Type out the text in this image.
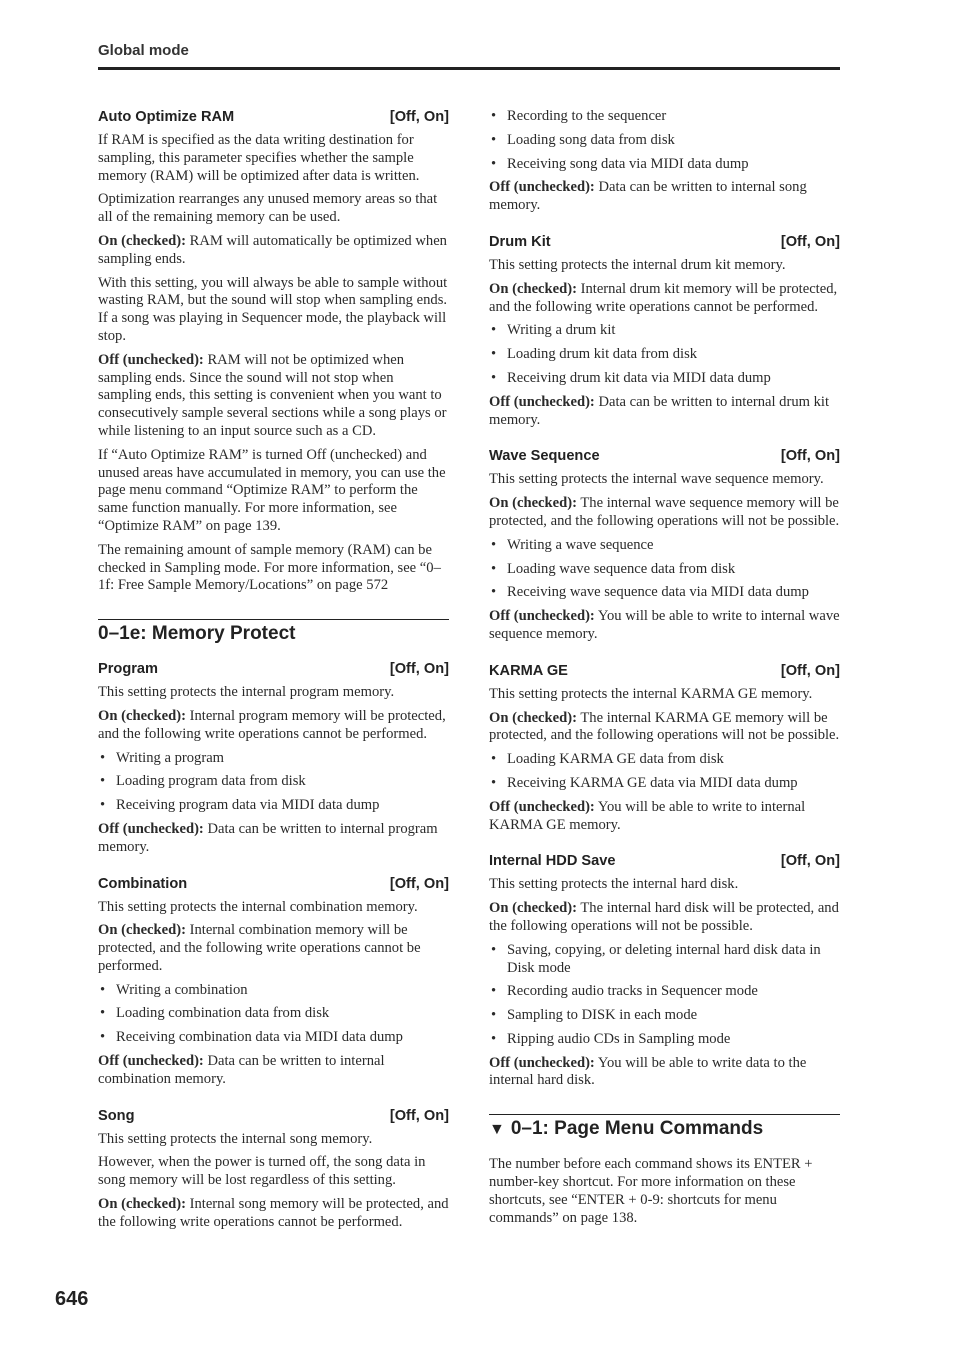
Global mode
Auto Optimize RAM	[Off, On]

If RAM is specified as the data writing destination for sampling, this parameter specifies whether the sample memory (RAM) will be optimized after data is written.

Optimization rearranges any unused memory areas so that all of the remaining memory can be used.

On (checked): RAM will automatically be optimized when sampling ends.

With this setting, you will always be able to sample without wasting RAM, but the sound will stop when sampling ends. If a song was playing in Sequencer mode, the playback will stop.

Off (unchecked): RAM will not be optimized when sampling ends. Since the sound will not stop when sampling ends, this setting is convenient when you want to consecutively sample several sections while a song plays or while listening to an input source such as a CD.

If “Auto Optimize RAM” is turned Off (unchecked) and unused areas have accumulated in memory, you can use the page menu command “Optimize RAM” to perform the same function manually. For more information, see “Optimize RAM” on page 139.

The remaining amount of sample memory (RAM) can be checked in Sampling mode. For more information, see “0–1f: Free Sample Memory/Locations” on page 572

0–1e: Memory Protect
Program	[Off, On]

This setting protects the internal program memory.

On (checked): Internal program memory will be protected, and the following write operations cannot be performed.

• Writing a program
• Loading program data from disk
• Receiving program data via MIDI data dump

Off (unchecked): Data can be written to internal program memory.

Combination	[Off, On]

This setting protects the internal combination memory.

On (checked): Internal combination memory will be protected, and the following write operations cannot be performed.

• Writing a combination
• Loading combination data from disk
• Receiving combination data via MIDI data dump

Off (unchecked): Data can be written to internal combination memory.

Song	[Off, On]

This setting protects the internal song memory.

However, when the power is turned off, the song data in song memory will be lost regardless of this setting.

On (checked): Internal song memory will be protected, and the following write operations cannot be performed.

• Recording to the sequencer
• Loading song data from disk
• Receiving song data via MIDI data dump

Off (unchecked): Data can be written to internal song memory.

Drum Kit	[Off, On]

This setting protects the internal drum kit memory.

On (checked): Internal drum kit memory will be protected, and the following write operations cannot be performed.

• Writing a drum kit
• Loading drum kit data from disk
• Receiving drum kit data via MIDI data dump

Off (unchecked): Data can be written to internal drum kit memory.

Wave Sequence	[Off, On]

This setting protects the internal wave sequence memory.

On (checked): The internal wave sequence memory will be protected, and the following operations will not be possible.

• Writing a wave sequence
• Loading wave sequence data from disk
• Receiving wave sequence data via MIDI data dump

Off (unchecked): You will be able to write to internal wave sequence memory.

KARMA GE	[Off, On]

This setting protects the internal KARMA GE memory.

On (checked): The internal KARMA GE memory will be protected, and the following operations will not be possible.

• Loading KARMA GE data from disk
• Receiving KARMA GE data via MIDI data dump

Off (unchecked): You will be able to write to internal KARMA GE memory.

Internal HDD Save	[Off, On]

This setting protects the internal hard disk.

On (checked): The internal hard disk will be protected, and the following operations will not be possible.

• Saving, copying, or deleting internal hard disk data in Disk mode
• Recording audio tracks in Sequencer mode
• Sampling to DISK in each mode
• Ripping audio CDs in Sampling mode

Off (unchecked): You will be able to write data to the internal hard disk.

▼ 0–1: Page Menu Commands

The number before each command shows its ENTER + number-key shortcut. For more information on these shortcuts, see “ENTER + 0-9: shortcuts for menu commands” on page 138.

646
